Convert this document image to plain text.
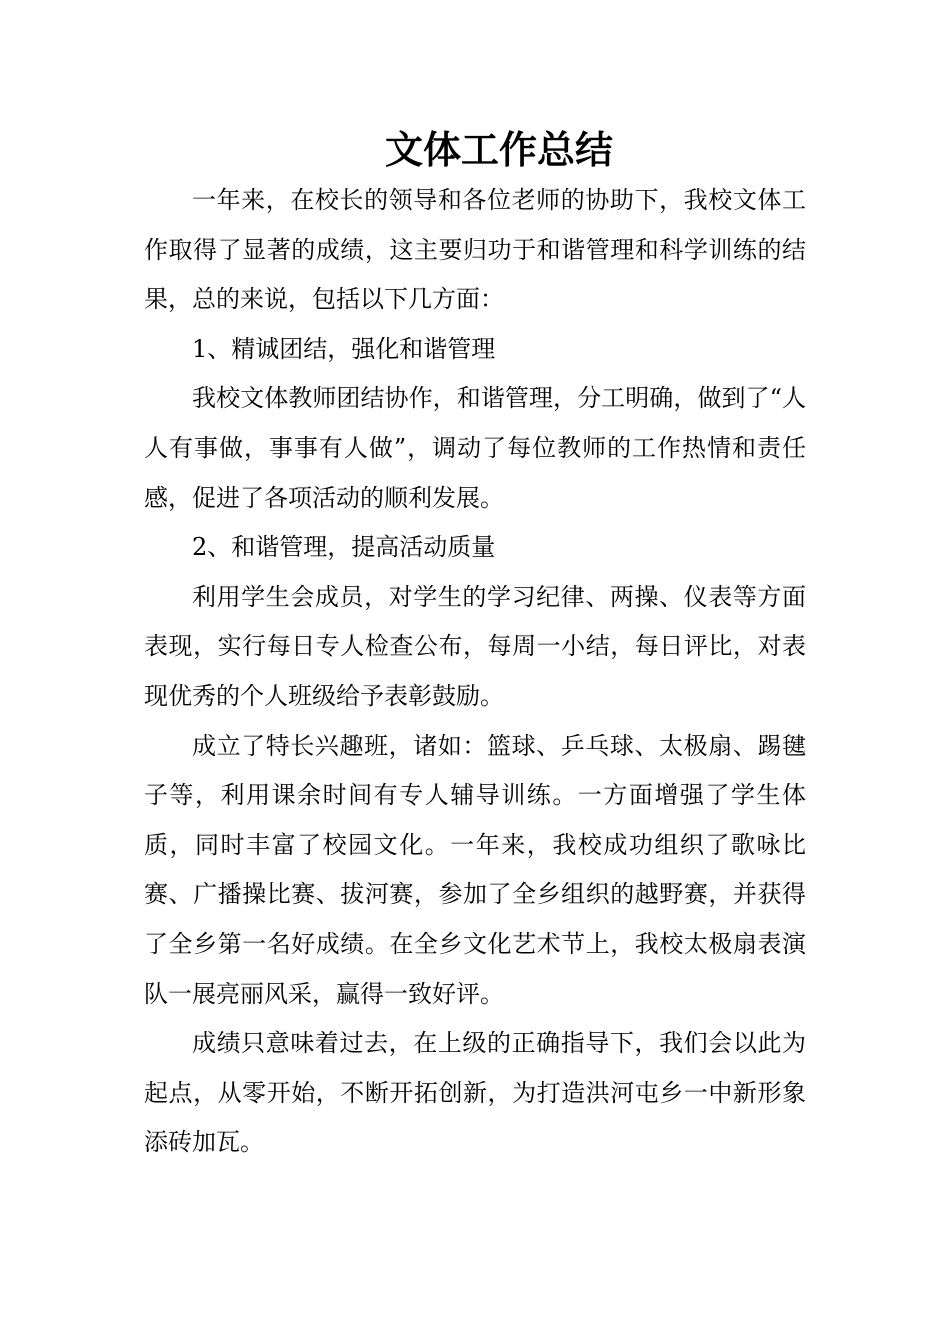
文体工作总结

一年来，在校长的领导和各位老师的协助下，我校文体工作取得了显著的成绩，这主要归功于和谐管理和科学训练的结果，总的来说，包括以下几方面：

1、精诚团结，强化和谐管理

我校文体教师团结协作，和谐管理，分工明确，做到了“人人有事做，事事有人做”，调动了每位教师的工作热情和责任感，促进了各项活动的顺利发展。

2、和谐管理，提高活动质量

利用学生会成员，对学生的学习纪律、两操、仪表等方面表现，实行每日专人检查公布，每周一小结，每日评比，对表现优秀的个人班级给予表彰鼓励。

成立了特长兴趣班，诸如：篮球、乒乓球、太极扇、踢毽子等，利用课余时间有专人辅导训练。一方面增强了学生体质，同时丰富了校园文化。一年来，我校成功组织了歌咏比赛、广播操比赛、拔河赛，参加了全乡组织的越野赛，并获得了全乡第一名好成绩。在全乡文化艺术节上，我校太极扇表演队一展亮丽风采，赢得一致好评。

成绩只意味着过去，在上级的正确指导下，我们会以此为起点，从零开始，不断开拓创新，为打造洪河屯乡一中新形象添砖加瓦。
